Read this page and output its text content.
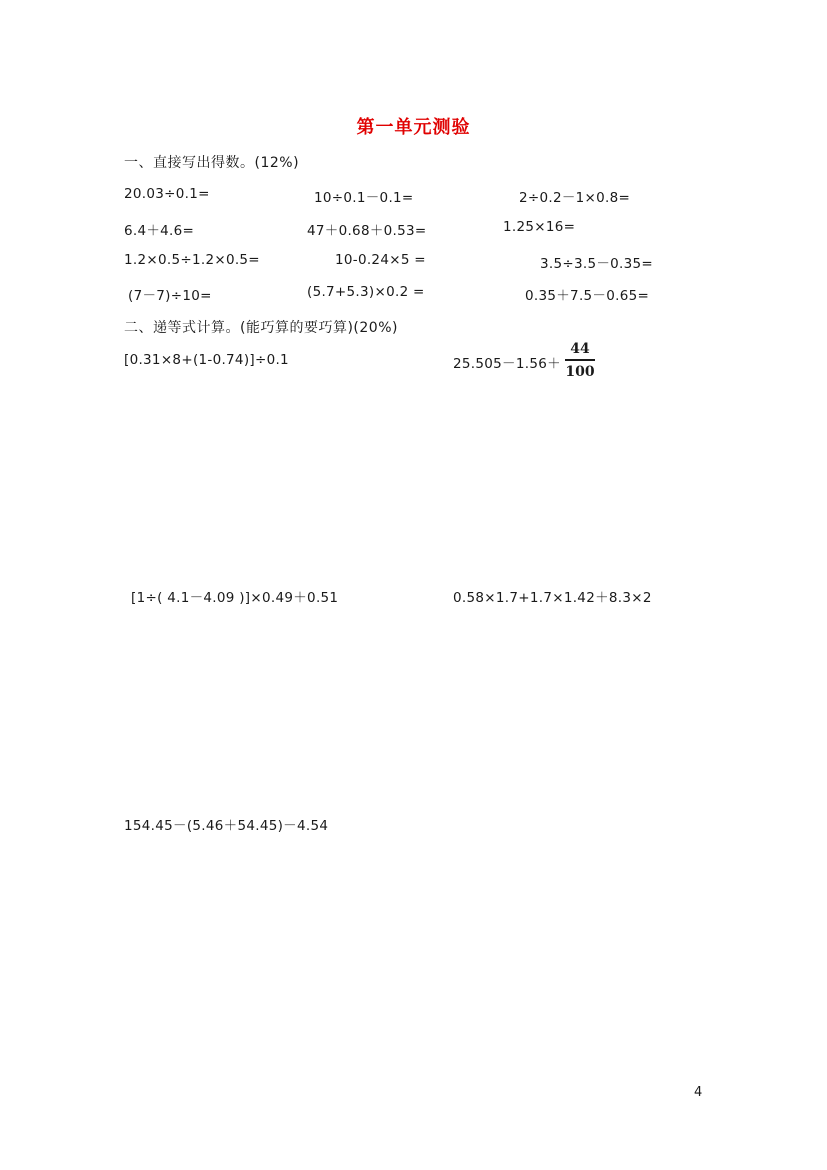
第一单元测验
一、直接写出得数。(12%)
20.03÷0.1=	10÷0.1－0.1=	2÷0.2－1×0.8=
6.4＋4.6=	47＋0.68＋0.53=	1.25×16=
1.2×0.5÷1.2×0.5=	10-0.24×5 =	3.5÷3.5－0.35=
(7－7)÷10=	(5.7+5.3)×0.2 =	0.35＋7.5－0.65=
二、递等式计算。(能巧算的要巧算)(20%)
[0.31×8+(1-0.74)]÷0.1	25.505－1.56＋
44
100
[1÷( 4.1－4.09 )]×0.49＋0.51	0.58×1.7+1.7×1.42＋8.3×2
154.45－(5.46＋54.45)－4.54
4
